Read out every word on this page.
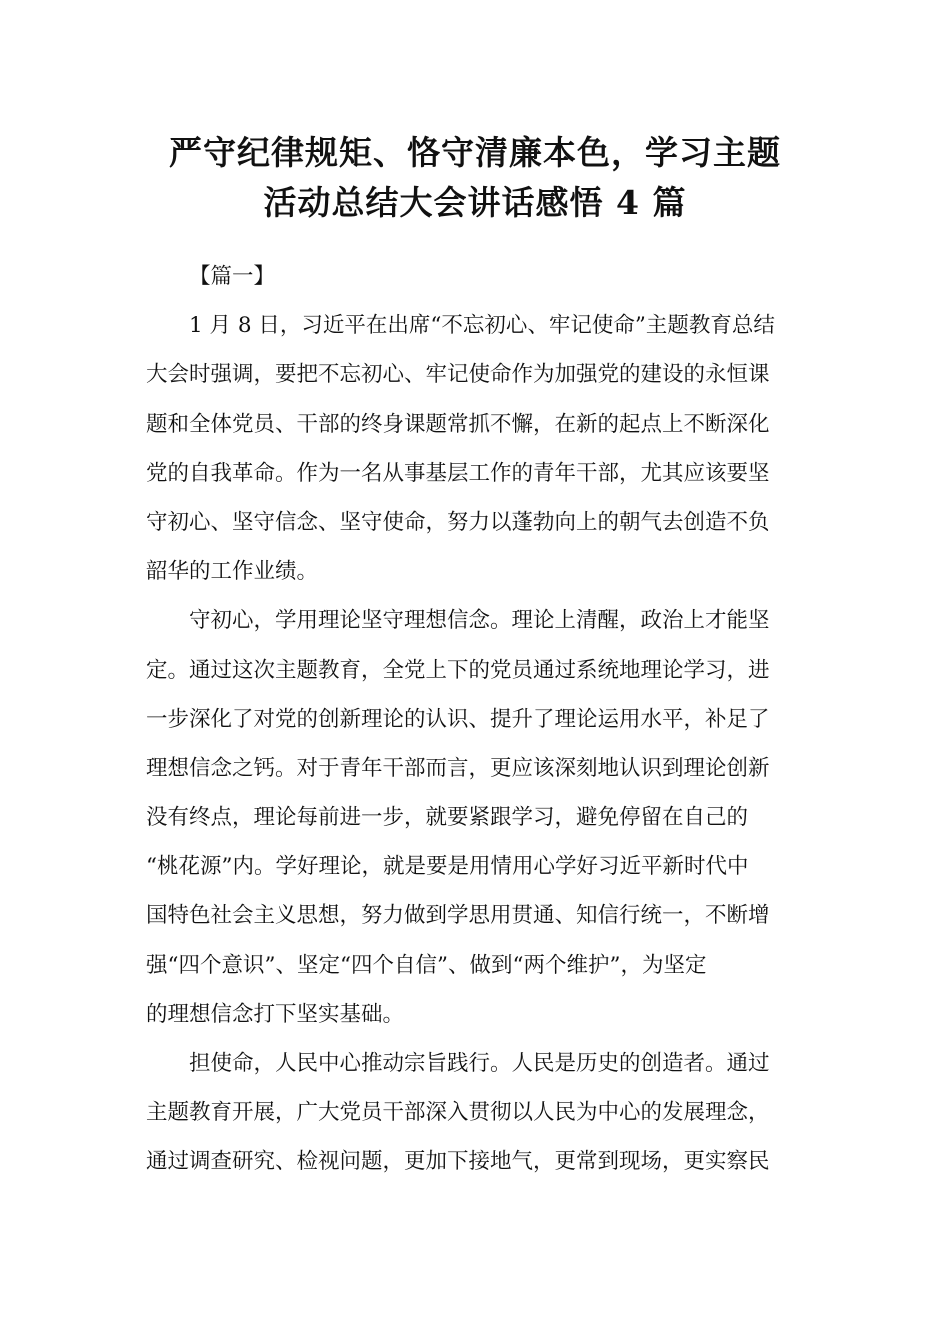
严守纪律规矩、恪守清廉本色，学习主题
活动总结大会讲话感悟 4 篇
【篇一】

1 月 8 日，习近平在出席“不忘初心、牢记使命”主题教育总结
大会时强调，要把不忘初心、牢记使命作为加强党的建设的永恒课
题和全体党员、干部的终身课题常抓不懈，在新的起点上不断深化
党的自我革命。作为一名从事基层工作的青年干部，尤其应该要坚
守初心、坚守信念、坚守使命，努力以蓬勃向上的朝气去创造不负
韶华的工作业绩。

守初心，学用理论坚守理想信念。理论上清醒，政治上才能坚
定。通过这次主题教育，全党上下的党员通过系统地理论学习，进
一步深化了对党的创新理论的认识、提升了理论运用水平，补足了
理想信念之钙。对于青年干部而言，更应该深刻地认识到理论创新
没有终点，理论每前进一步，就要紧跟学习，避免停留在自己的
“桃花源”内。学好理论，就是要是用情用心学好习近平新时代中
国特色社会主义思想，努力做到学思用贯通、知信行统一，不断增
强“四个意识”、坚定“四个自信”、做到“两个维护”，为坚定
的理想信念打下坚实基础。

担使命，人民中心推动宗旨践行。人民是历史的创造者。通过
主题教育开展，广大党员干部深入贯彻以人民为中心的发展理念，
通过调查研究、检视问题，更加下接地气，更常到现场，更实察民
